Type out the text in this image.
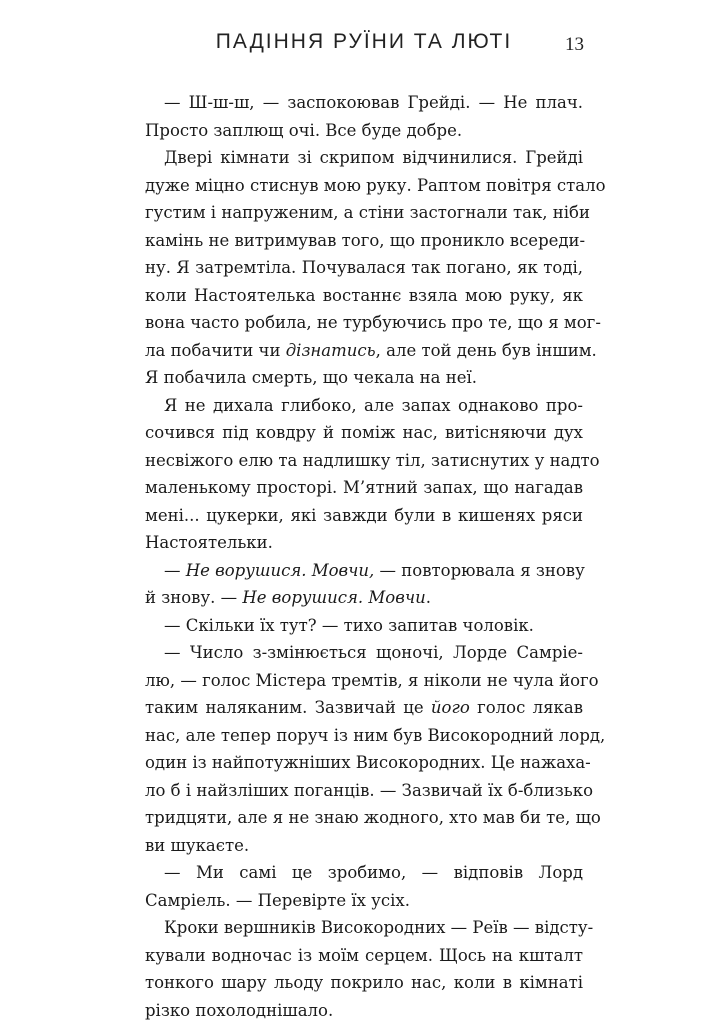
ПАДІННЯ РУЇНИ ТА ЛЮТІ	13
— Ш-ш-ш, — заспокоював Грейді. — Не плач.
Просто заплющ очі. Все буде добре.
Двері кімнати зі скрипом відчинилися. Грейді
дуже міцно стиснув мою руку. Раптом повітря стало
густим і напруженим, а стіни застогнали так, ніби
камінь не витримував того, що проникло всереди-
ну. Я затремтіла. Почувалася так погано, як тоді,
коли Настоятелька востаннє взяла мою руку, як
вона часто робила, не турбуючись про те, що я мог-
ла побачити чи дізнатись, але той день був іншим.
Я побачила смерть, що чекала на неї.
Я не дихала глибоко, але запах однаково про-
сочився під ковдру й поміж нас, витісняючи дух
несвіжого елю та надлишку тіл, затиснутих у надто
маленькому просторі. М’ятний запах, що нагадав
мені... цукерки, які завжди були в кишенях ряси
Настоятельки.
— Не ворушися. Мовчи, — повторювала я знову
й знову. — Не ворушися. Мовчи.
— Скільки їх тут? — тихо запитав чоловік.
— Число з-змінюється щоночі, Лорде Самріе-
лю, — голос Містера тремтів, я ніколи не чула його
таким наляканим. Зазвичай це його голос лякав
нас, але тепер поруч із ним був Високородний лорд,
один із найпотужніших Високородних. Це нажаха-
ло б і найзліших поганців. — Зазвичай їх б-близько
тридцяти, але я не знаю жодного, хто мав би те, що
ви шукаєте.
— Ми самі це зробимо, — відповів Лорд
Самріель. — Перевірте їх усіх.
Кроки вершників Високородних — Реїв — відсту-
кували водночас із моїм серцем. Щось на кшталт
тонкого шару льоду покрило нас, коли в кімнаті
різко похолоднішало.
